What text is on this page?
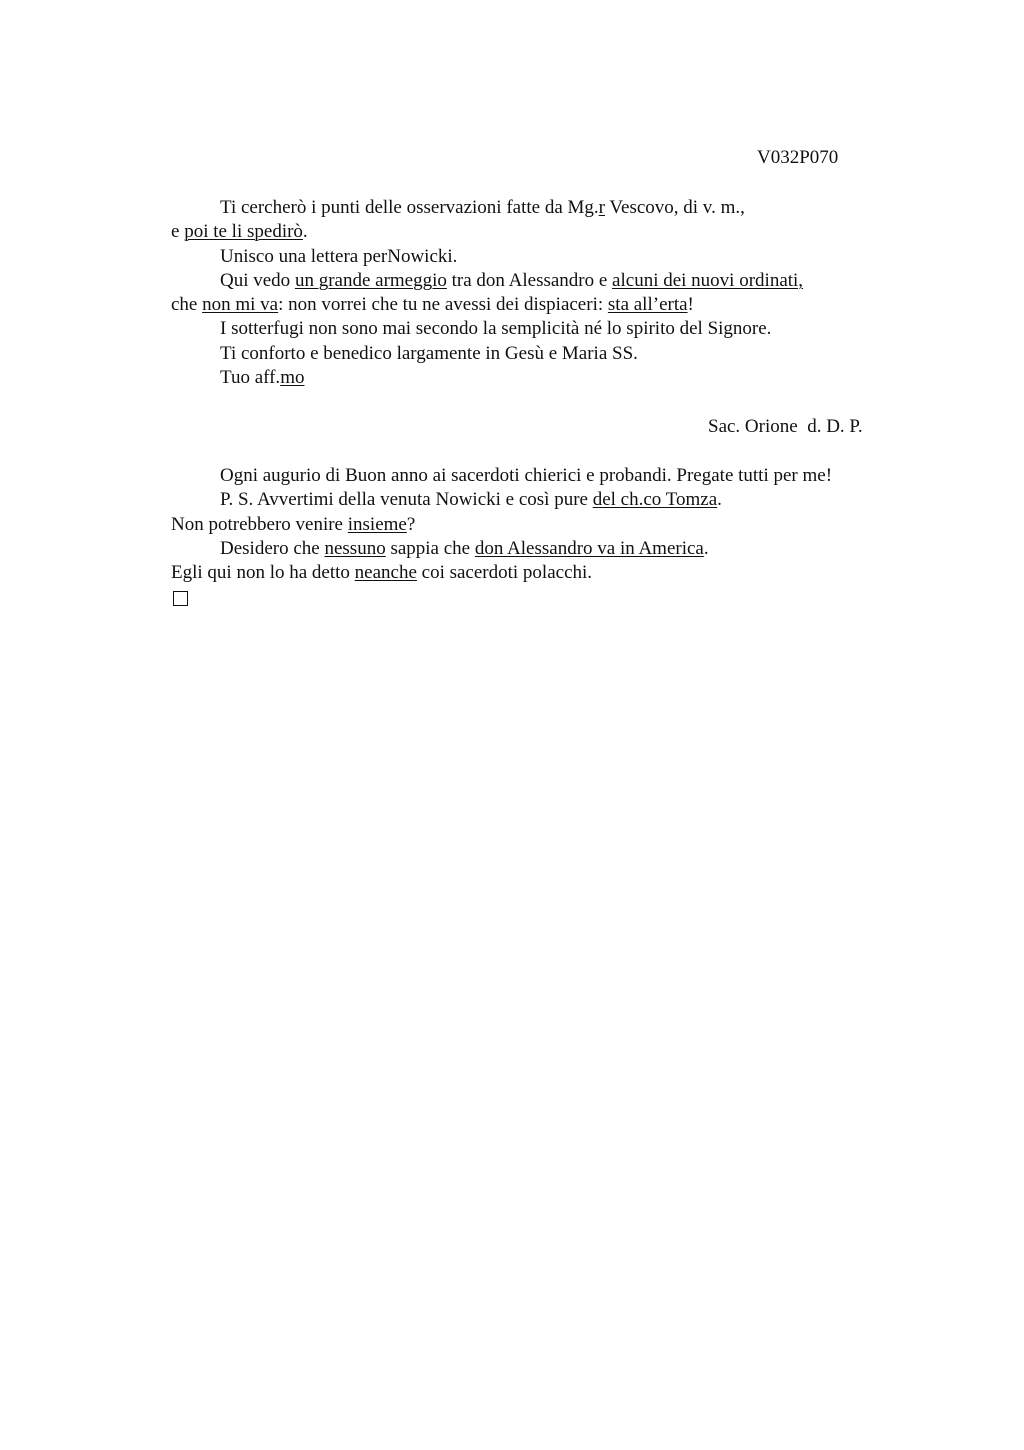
V032P070
Ti cercherò i punti delle osservazioni fatte da Mg.r Vescovo, di v. m.,
e poi te li spedirò.
Unisco una lettera perNowicki.
Qui vedo un grande armeggio tra don Alessandro e alcuni dei nuovi ordinati,
che non mi va: non vorrei che tu ne avessi dei dispiaceri: sta all’erta!
I sotterfugi non sono mai secondo la semplicità né lo spirito del Signore.
Ti conforto e benedico largamente in Gesù e Maria SS.
Tuo aff.mo
Sac. Orione  d. D. P.
Ogni augurio di Buon anno ai sacerdoti chierici e probandi. Pregate tutti per me!
P. S. Avvertimi della venuta Nowicki e così pure del ch.co Tomza.
Non potrebbero venire insieme?
Desidero che nessuno sappia che don Alessandro va in America.
Egli qui non lo ha detto neanche coi sacerdoti polacchi.
